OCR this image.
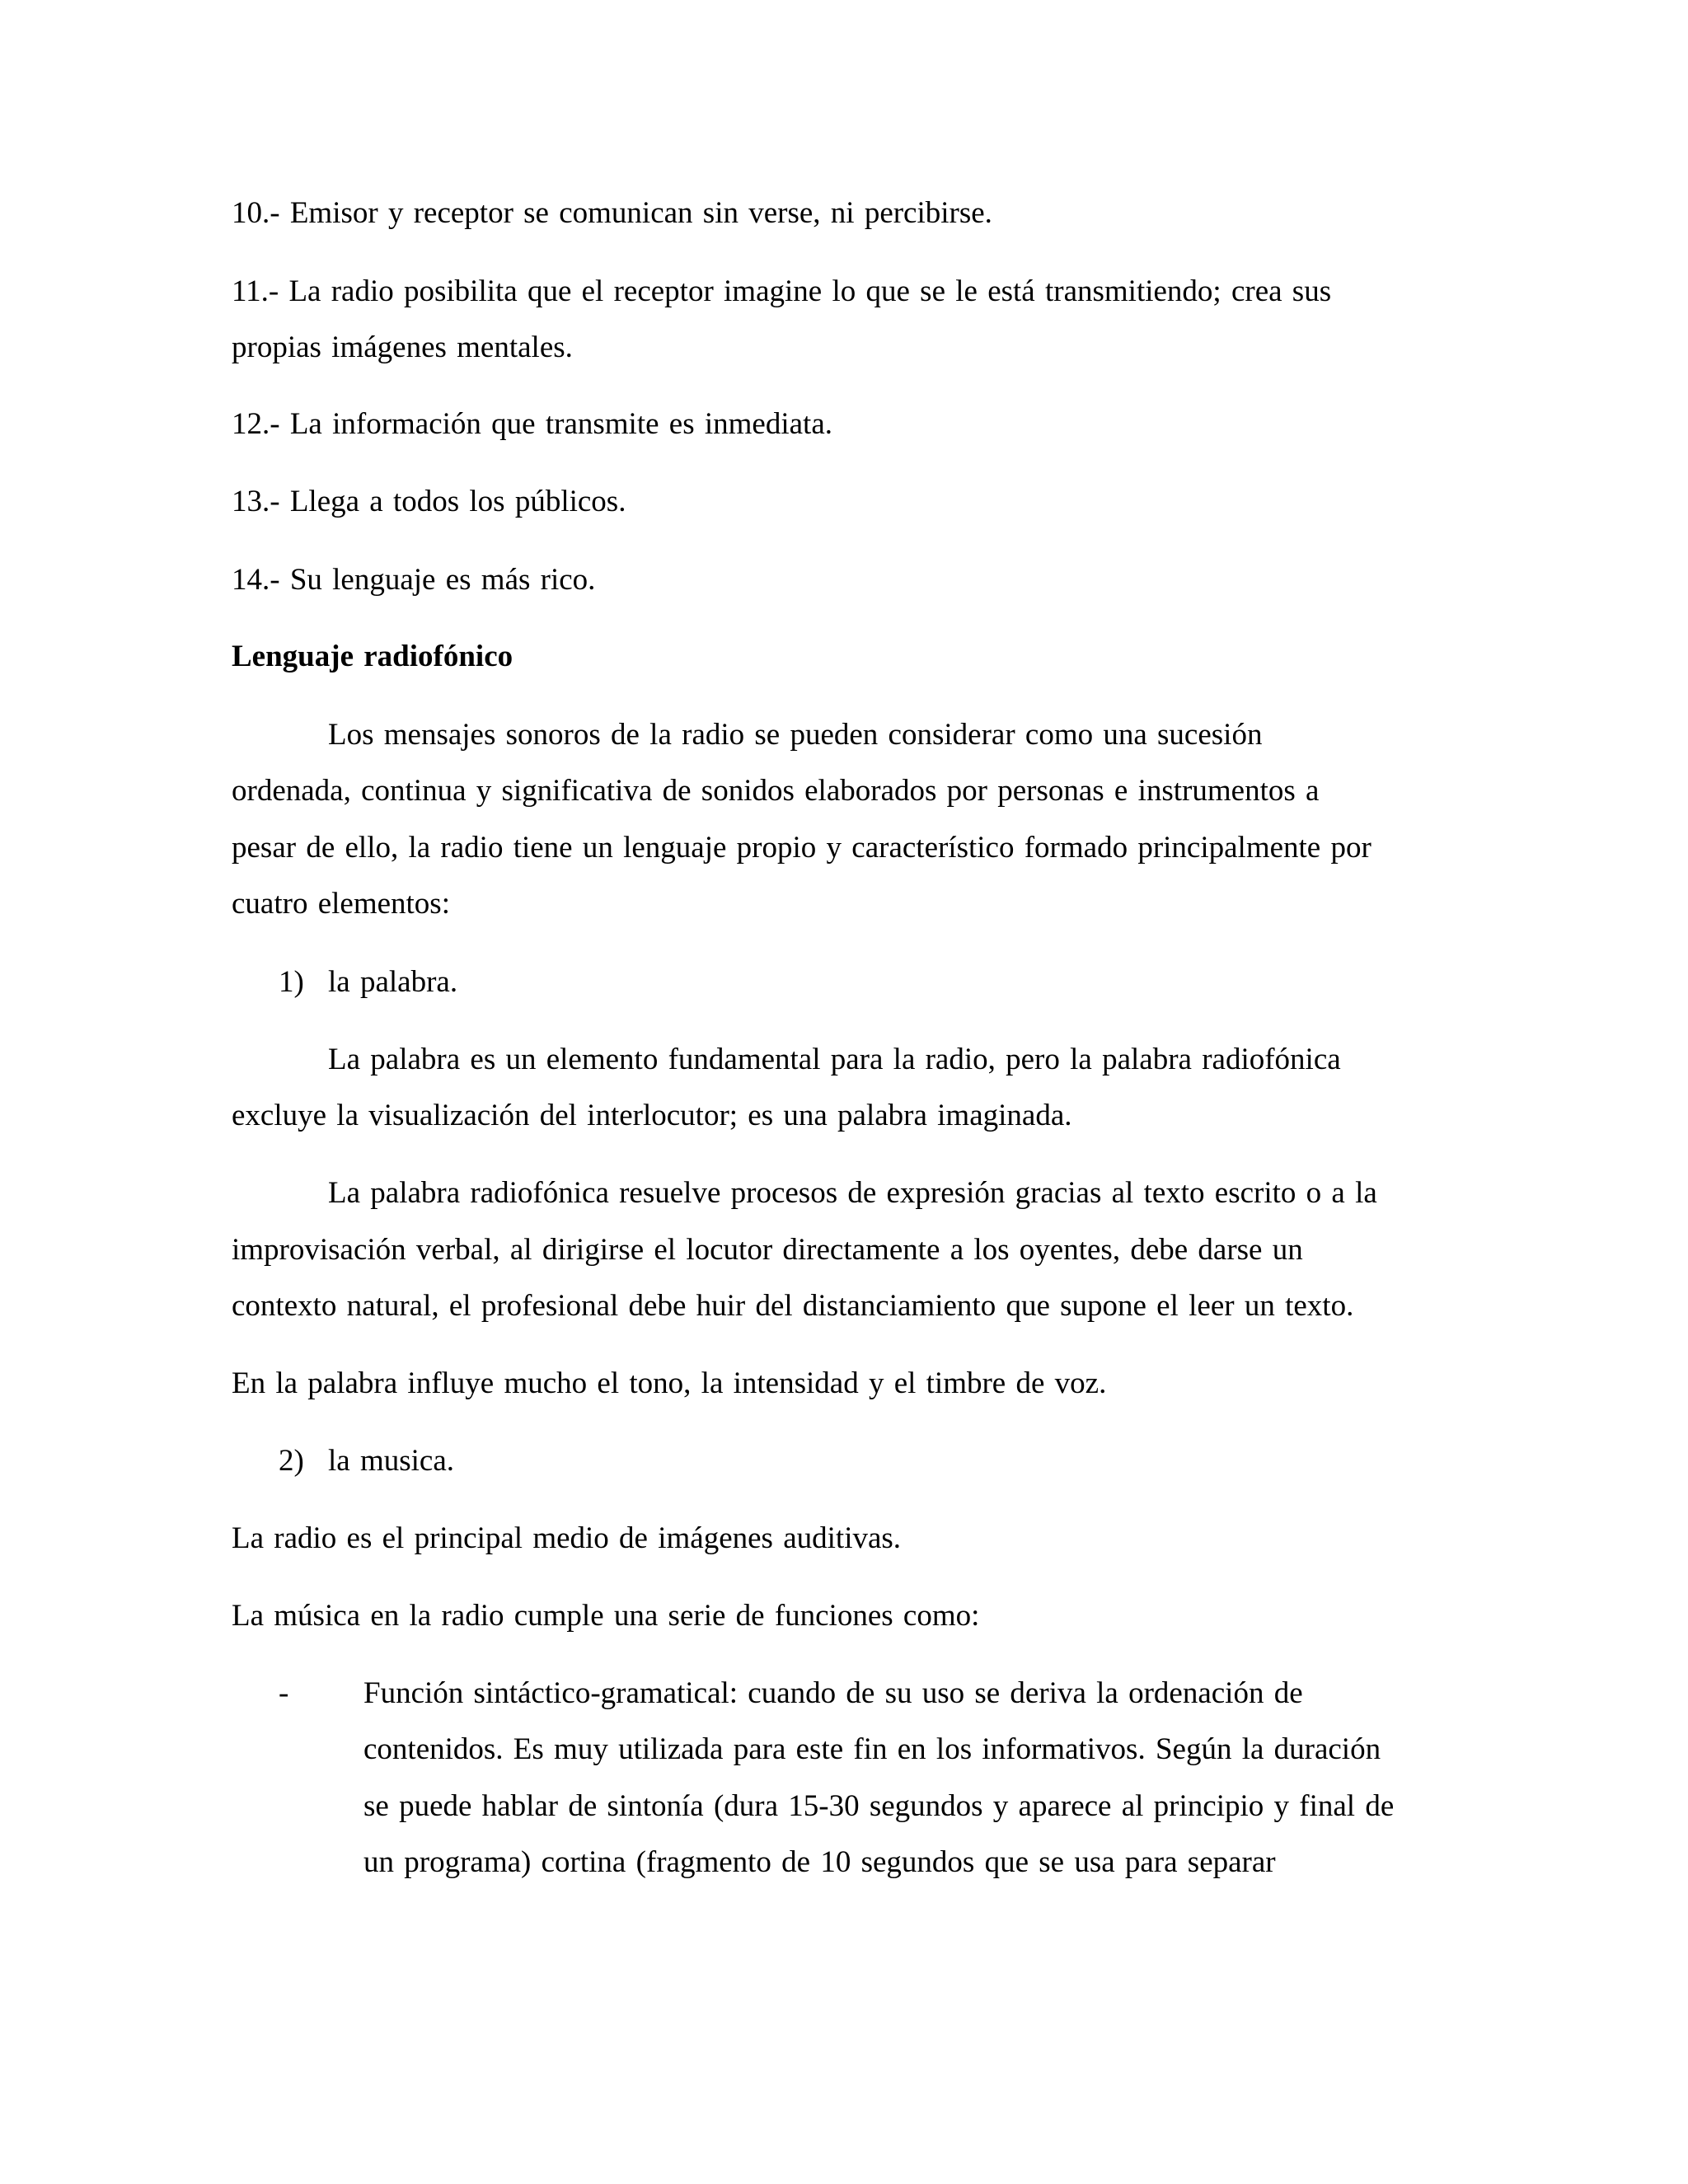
10.- Emisor y receptor se comunican sin verse, ni percibirse.
11.- La radio posibilita que el receptor imagine lo que se le está transmitiendo; crea sus
propias imágenes mentales.
12.- La información que transmite es inmediata.
13.- Llega a todos los públicos.
14.- Su lenguaje es más rico.
Lenguaje radiofónico
Los mensajes sonoros de la radio se pueden considerar como una sucesión
ordenada, continua y significativa de sonidos elaborados por personas e instrumentos a
pesar de ello, la radio tiene un lenguaje propio y característico formado principalmente por
cuatro elementos:
1) la palabra.
La palabra es un elemento fundamental para la radio, pero la palabra radiofónica
excluye la visualización del interlocutor; es una palabra imaginada.
La palabra radiofónica resuelve procesos de expresión gracias al texto escrito o a la
improvisación verbal, al dirigirse el locutor directamente a los oyentes, debe darse un
contexto natural, el profesional debe huir del distanciamiento que supone el leer un texto.
En la palabra influye mucho el tono, la intensidad y el timbre de voz.
2) la musica.
La radio es el principal medio de imágenes auditivas.
La música en la radio cumple una serie de funciones como:
- Función sintáctico-gramatical: cuando de su uso se deriva la ordenación de
contenidos. Es muy utilizada para este fin en los informativos. Según la duración
se puede hablar de sintonía (dura 15-30 segundos y aparece al principio y final de
un programa) cortina (fragmento de 10 segundos que se usa para separar
